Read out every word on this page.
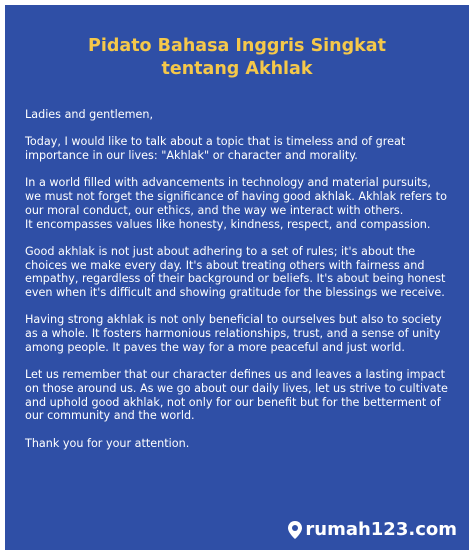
Pidato Bahasa Inggris Singkat
tentang Akhlak

Ladies and gentlemen,

Today, I would like to talk about a topic that is timeless and of great
importance in our lives: "Akhlak" or character and morality.

In a world filled with advancements in technology and material pursuits,
we must not forget the significance of having good akhlak. Akhlak refers to
our moral conduct, our ethics, and the way we interact with others.
It encompasses values like honesty, kindness, respect, and compassion.

Good akhlak is not just about adhering to a set of rules; it's about the
choices we make every day. It's about treating others with fairness and
empathy, regardless of their background or beliefs. It's about being honest
even when it's difficult and showing gratitude for the blessings we receive.

Having strong akhlak is not only beneficial to ourselves but also to society
as a whole. It fosters harmonious relationships, trust, and a sense of unity
among people. It paves the way for a more peaceful and just world.

Let us remember that our character defines us and leaves a lasting impact
on those around us. As we go about our daily lives, let us strive to cultivate
and uphold good akhlak, not only for our benefit but for the betterment of
our community and the world.

Thank you for your attention.

rumah123.com
